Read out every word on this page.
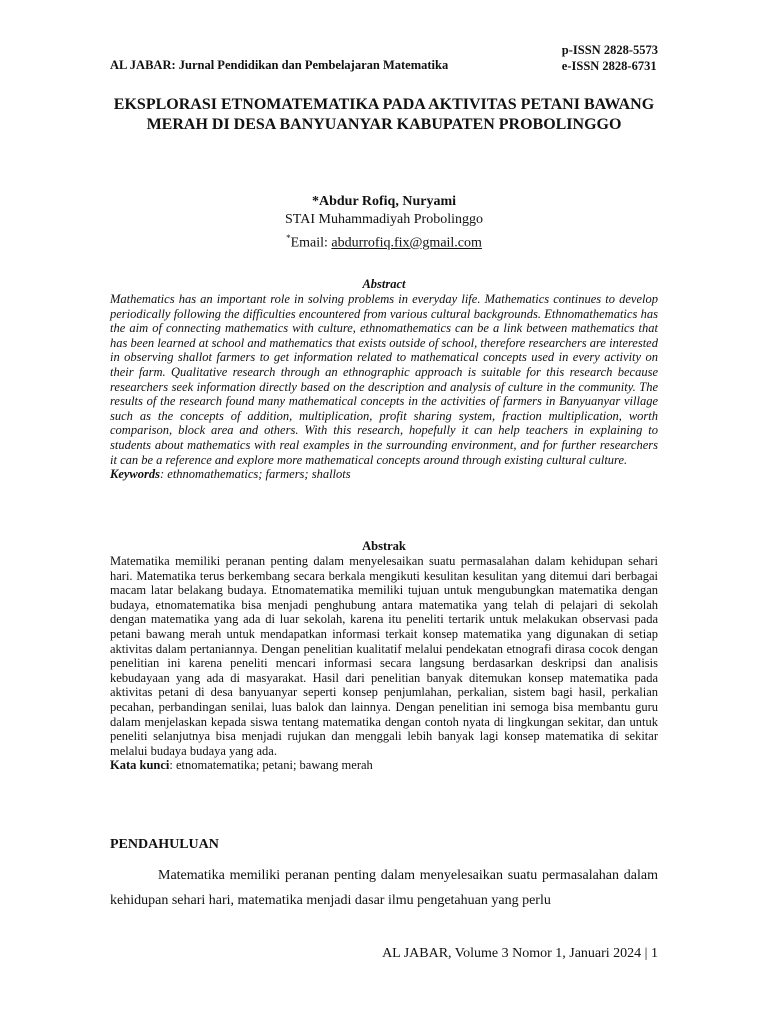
AL JABAR: Jurnal Pendidikan dan Pembelajaran Matematika
p-ISSN 2828-5573
e-ISSN 2828-6731
EKSPLORASI ETNOMATEMATIKA PADA AKTIVITAS PETANI BAWANG MERAH DI DESA BANYUANYAR KABUPATEN PROBOLINGGO
*Abdur Rofiq, Nuryami
STAI Muhammadiyah Probolinggo
*Email: abdurrofiq.fix@gmail.com
Abstract

Mathematics has an important role in solving problems in everyday life. Mathematics continues to develop periodically following the difficulties encountered from various cultural backgrounds. Ethnomathematics has the aim of connecting mathematics with culture, ethnomathematics can be a link between mathematics that has been learned at school and mathematics that exists outside of school, therefore researchers are interested in observing shallot farmers to get information related to mathematical concepts used in every activity on their farm. Qualitative research through an ethnographic approach is suitable for this research because researchers seek information directly based on the description and analysis of culture in the community. The results of the research found many mathematical concepts in the activities of farmers in Banyuanyar village such as the concepts of addition, multiplication, profit sharing system, fraction multiplication, worth comparison, block area and others. With this research, hopefully it can help teachers in explaining to students about mathematics with real examples in the surrounding environment, and for further researchers it can be a reference and explore more mathematical concepts around through existing cultural culture.

Keywords: ethnomathematics; farmers; shallots
Abstrak

Matematika memiliki peranan penting dalam menyelesaikan suatu permasalahan dalam kehidupan sehari hari. Matematika terus berkembang secara berkala mengikuti kesulitan kesulitan yang ditemui dari berbagai macam latar belakang budaya. Etnomatematika memiliki tujuan untuk mengubungkan matematika dengan budaya, etnomatematika bisa menjadi penghubung antara matematika yang telah di pelajari di sekolah dengan matematika yang ada di luar sekolah, karena itu peneliti tertarik untuk melakukan observasi pada petani bawang merah untuk mendapatkan informasi terkait konsep matematika yang digunakan di setiap aktivitas dalam pertaniannya. Dengan penelitian kualitatif melalui pendekatan etnografi dirasa cocok dengan penelitian ini karena peneliti mencari informasi secara langsung berdasarkan deskripsi dan analisis kebudayaan yang ada di masyarakat. Hasil dari penelitian banyak ditemukan konsep matematika pada aktivitas petani di desa banyuanyar seperti konsep penjumlahan, perkalian, sistem bagi hasil, perkalian pecahan, perbandingan senilai, luas balok dan lainnya. Dengan penelitian ini semoga bisa membantu guru dalam menjelaskan kepada siswa tentang matematika dengan contoh nyata di lingkungan sekitar, dan untuk peneliti selanjutnya bisa menjadi rujukan dan menggali lebih banyak lagi konsep matematika di sekitar melalui budaya budaya yang ada.

Kata kunci: etnomatematika; petani; bawang merah
PENDAHULUAN

Matematika memiliki peranan penting dalam menyelesaikan suatu permasalahan dalam kehidupan sehari hari, matematika menjadi dasar ilmu pengetahuan yang perlu

AL JABAR, Volume 3 Nomor 1, Januari 2024 | 1
